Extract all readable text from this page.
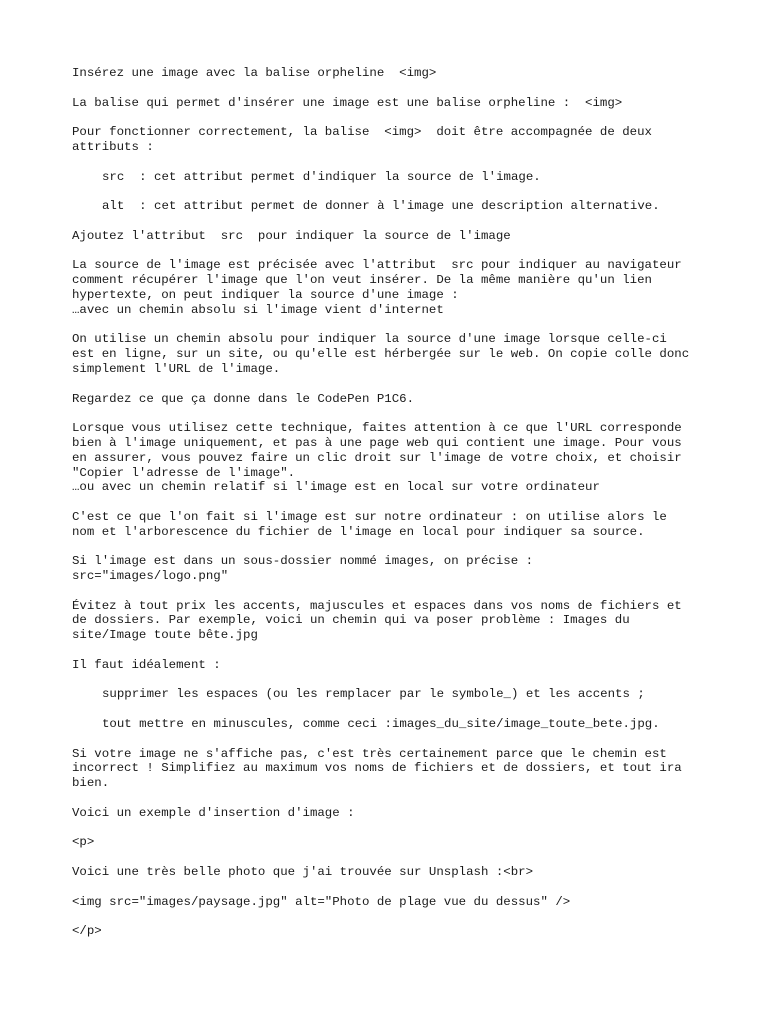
Insérez une image avec la balise orpheline  <img>

La balise qui permet d'insérer une image est une balise orpheline :  <img>

Pour fonctionner correctement, la balise  <img>  doit être accompagnée de deux
attributs :

src  : cet attribut permet d'indiquer la source de l'image.

alt  : cet attribut permet de donner à l'image une description alternative.

Ajoutez l'attribut  src  pour indiquer la source de l'image

La source de l'image est précisée avec l'attribut  src pour indiquer au navigateur
comment récupérer l'image que l'on veut insérer. De la même manière qu'un lien
hypertexte, on peut indiquer la source d'une image :
…avec un chemin absolu si l'image vient d'internet

On utilise un chemin absolu pour indiquer la source d'une image lorsque celle-ci
est en ligne, sur un site, ou qu'elle est hérbergée sur le web. On copie colle donc
simplement l'URL de l'image.

Regardez ce que ça donne dans le CodePen P1C6.

Lorsque vous utilisez cette technique, faites attention à ce que l'URL corresponde
bien à l'image uniquement, et pas à une page web qui contient une image. Pour vous
en assurer, vous pouvez faire un clic droit sur l'image de votre choix, et choisir
"Copier l'adresse de l'image".
…ou avec un chemin relatif si l'image est en local sur votre ordinateur

C'est ce que l'on fait si l'image est sur notre ordinateur : on utilise alors le
nom et l'arborescence du fichier de l'image en local pour indiquer sa source.

Si l'image est dans un sous-dossier nommé images, on précise :
src="images/logo.png"

Évitez à tout prix les accents, majuscules et espaces dans vos noms de fichiers et
de dossiers. Par exemple, voici un chemin qui va poser problème : Images du
site/Image toute bête.jpg

Il faut idéalement :

supprimer les espaces (ou les remplacer par le symbole_) et les accents ;

tout mettre en minuscules, comme ceci :images_du_site/image_toute_bete.jpg.

Si votre image ne s'affiche pas, c'est très certainement parce que le chemin est
incorrect ! Simplifiez au maximum vos noms de fichiers et de dossiers, et tout ira
bien.

Voici un exemple d'insertion d'image :

<p>

Voici une très belle photo que j'ai trouvée sur Unsplash :<br>

<img src="images/paysage.jpg" alt="Photo de plage vue du dessus" />

</p>
